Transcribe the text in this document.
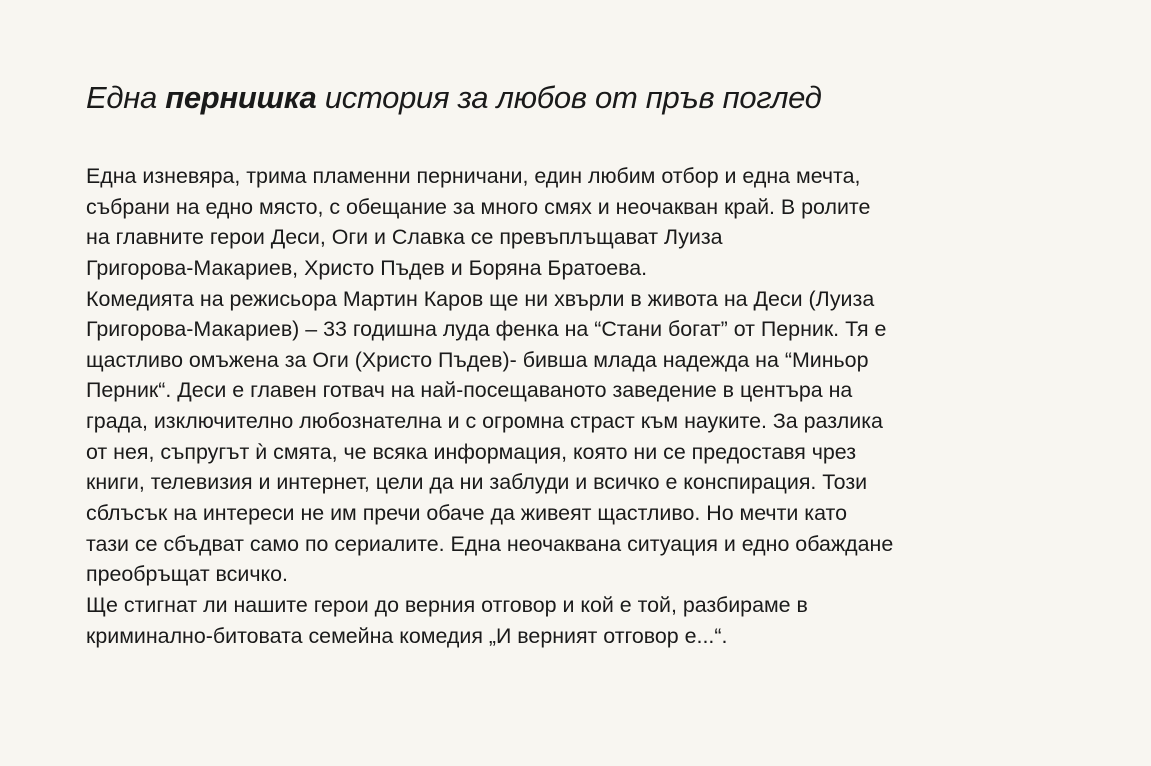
Една пернишка история за любов от пръв поглед
Една изневяра, трима пламенни перничани, един любим отбор и една мечта,
събрани на едно място, с обещание за много смях и неочакван край. В ролите
на главните герои Деси, Оги и Славка се превъплъщават Луиза
Григорова-Макариев, Христо Пъдев и Боряна Братоева.
Комедията на режисьора Мартин Каров ще ни хвърли в живота на Деси (Луиза
Григорова-Макариев) – 33 годишна луда фенка на “Стани богат” от Перник. Тя е
щастливо омъжена за Оги (Христо Пъдев)- бивша млада надежда на “Миньор
Перник“. Деси е главен готвач на най-посещаваното заведение в центъра на
града, изключително любознателна и с огромна страст към науките. За разлика
от нея, съпругът ѝ смята, че всяка информация, която ни се предоставя чрез
книги, телевизия и интернет, цели да ни заблуди и всичко е конспирация. Този
сблъсък на интереси не им пречи обаче да живеят щастливо. Но мечти като
тази се сбъдват само по сериалите. Една неочаквана ситуация и едно обаждане
преобръщат всичко.
Ще стигнат ли нашите герои до верния отговор и кой е той, разбираме в
криминално-битовата семейна комедия „И верният отговор е...“.
